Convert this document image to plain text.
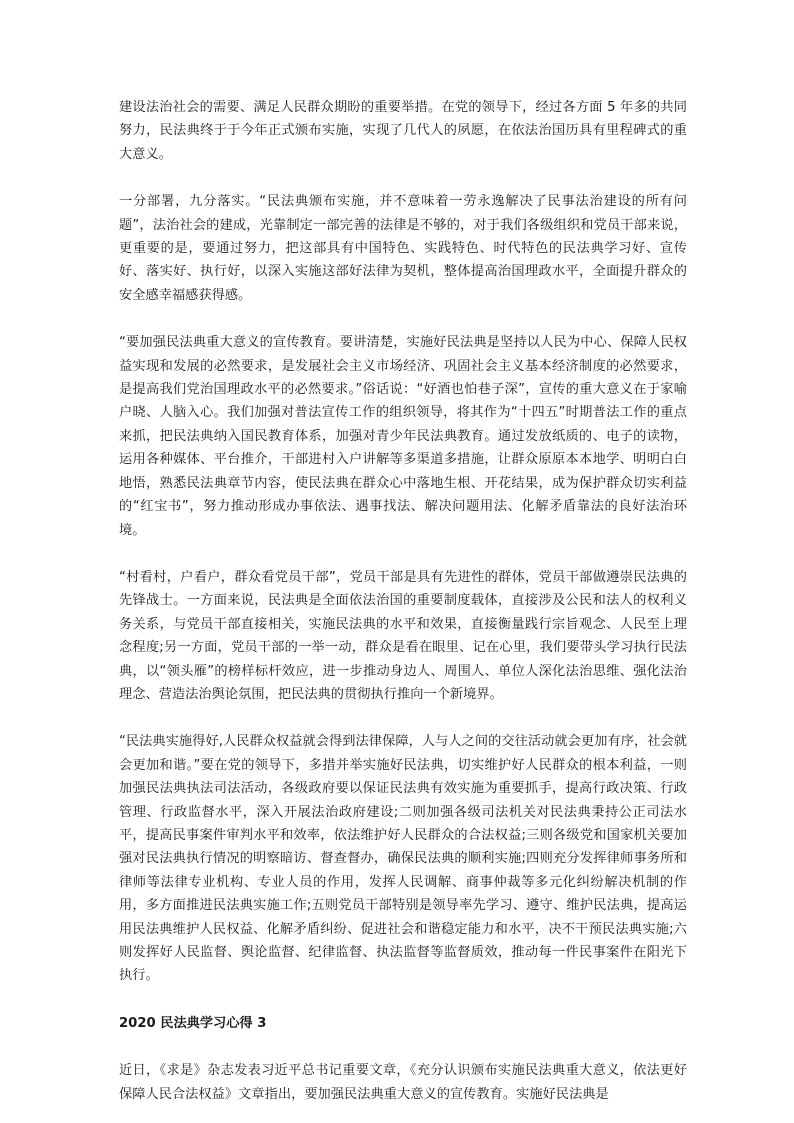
建设法治社会的需要、满足人民群众期盼的重要举措。在党的领导下，经过各方面 5 年多的共同努力，民法典终于于今年正式颁布实施，实现了几代人的夙愿，在依法治国历具有里程碑式的重大意义。

一分部署，九分落实。“民法典颁布实施，并不意味着一劳永逸解决了民事法治建设的所有问题”，法治社会的建成，光靠制定一部完善的法律是不够的，对于我们各级组织和党员干部来说，更重要的是，要通过努力，把这部具有中国特色、实践特色、时代特色的民法典学习好、宣传好、落实好、执行好，以深入实施这部好法律为契机，整体提高治国理政水平，全面提升群众的安全感幸福感获得感。

“要加强民法典重大意义的宣传教育。要讲清楚，实施好民法典是坚持以人民为中心、保障人民权益实现和发展的必然要求，是发展社会主义市场经济、巩固社会主义基本经济制度的必然要求，是提高我们党治国理政水平的必然要求。”俗话说：“好酒也怕巷子深”，宣传的重大意义在于家喻户晓、人脑入心。我们加强对普法宣传工作的组织领导，将其作为“十四五”时期普法工作的重点来抓，把民法典纳入国民教育体系，加强对青少年民法典教育。通过发放纸质的、电子的读物，运用各种媒体、平台推介，干部进村入户讲解等多渠道多措施，让群众原原本本地学、明明白白地悟，熟悉民法典章节内容，使民法典在群众心中落地生根、开花结果，成为保护群众切实利益的“红宝书”，努力推动形成办事依法、遇事找法、解决问题用法、化解矛盾靠法的良好法治环境。

“村看村，户看户，群众看党员干部”，党员干部是具有先进性的群体，党员干部做遵崇民法典的先锋战士。一方面来说，民法典是全面依法治国的重要制度载体，直接涉及公民和法人的权利义务关系，与党员干部直接相关，实施民法典的水平和效果，直接衡量践行宗旨观念、人民至上理念程度;另一方面，党员干部的一举一动，群众是看在眼里、记在心里，我们要带头学习执行民法典，以“领头雁”的榜样标杆效应，进一步推动身边人、周围人、单位人深化法治思维、强化法治理念、营造法治舆论氛围，把民法典的贯彻执行推向一个新境界。

“民法典实施得好,人民群众权益就会得到法律保障，人与人之间的交往活动就会更加有序，社会就会更加和谐。”要在党的领导下，多措并举实施好民法典，切实维护好人民群众的根本利益，一则加强民法典执法司法活动，各级政府要以保证民法典有效实施为重要抓手，提高行政决策、行政管理、行政监督水平，深入开展法治政府建设;二则加强各级司法机关对民法典秉持公正司法水平，提高民事案件审判水平和效率，依法维护好人民群众的合法权益;三则各级党和国家机关要加强对民法典执行情况的明察暗访、督查督办，确保民法典的顺利实施;四则充分发挥律师事务所和律师等法律专业机构、专业人员的作用，发挥人民调解、商事仲裁等多元化纠纷解决机制的作用，多方面推进民法典实施工作;五则党员干部特别是领导率先学习、遵守、维护民法典，提高运用民法典维护人民权益、化解矛盾纠纷、促进社会和谐稳定能力和水平，决不干预民法典实施;六则发挥好人民监督、舆论监督、纪律监督、执法监督等监督质效，推动每一件民事案件在阳光下执行。

2020 民法典学习心得 3

近日，《求是》杂志发表习近平总书记重要文章，《充分认识颁布实施民法典重大意义，依法更好保障人民合法权益》文章指出，要加强民法典重大意义的宣传教育。实施好民法典是
